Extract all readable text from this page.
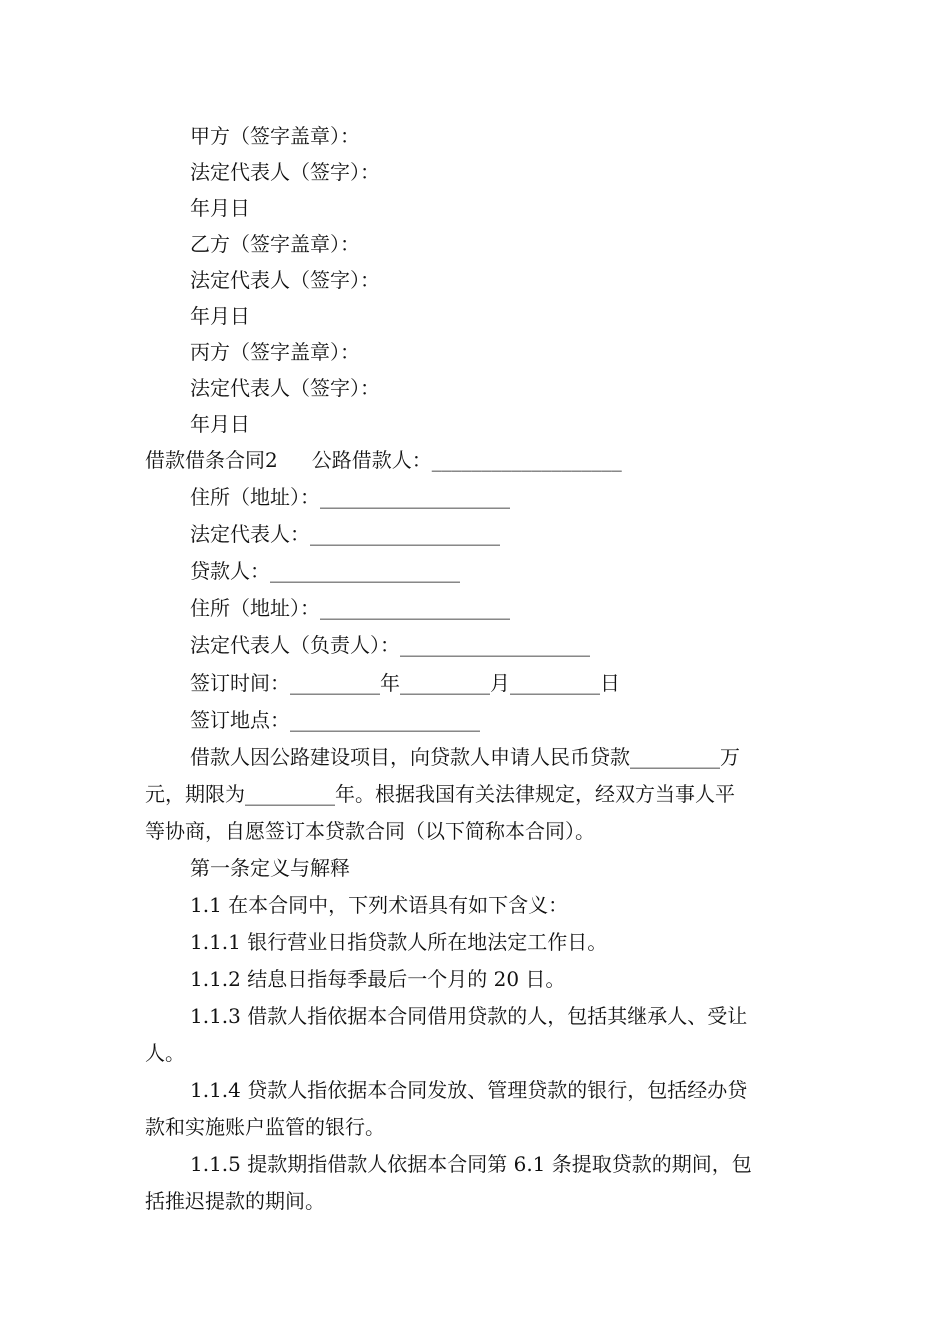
甲方（签字盖章）：
法定代表人（签字）：
年月日
乙方（签字盖章）：
法定代表人（签字）：
年月日
丙方（签字盖章）：
法定代表人（签字）：
年月日
借款借条合同2 公路借款人：___________________
住所（地址）：___________________
法定代表人：___________________
贷款人：___________________
住所（地址）：___________________
法定代表人（负责人）：___________________
签订时间：_________年_________月_________日
签订地点：___________________
借款人因公路建设项目，向贷款人申请人民币贷款_________万
元，期限为_________年。根据我国有关法律规定，经双方当事人平
等协商，自愿签订本贷款合同（以下简称本合同）。
第一条定义与解释
1.1 在本合同中，下列术语具有如下含义：
1.1.1 银行营业日指贷款人所在地法定工作日。
1.1.2 结息日指每季最后一个月的 20 日。
1.1.3 借款人指依据本合同借用贷款的人，包括其继承人、受让
人。
1.1.4 贷款人指依据本合同发放、管理贷款的银行，包括经办贷
款和实施账户监管的银行。
1.1.5 提款期指借款人依据本合同第 6.1 条提取贷款的期间，包
括推迟提款的期间。
